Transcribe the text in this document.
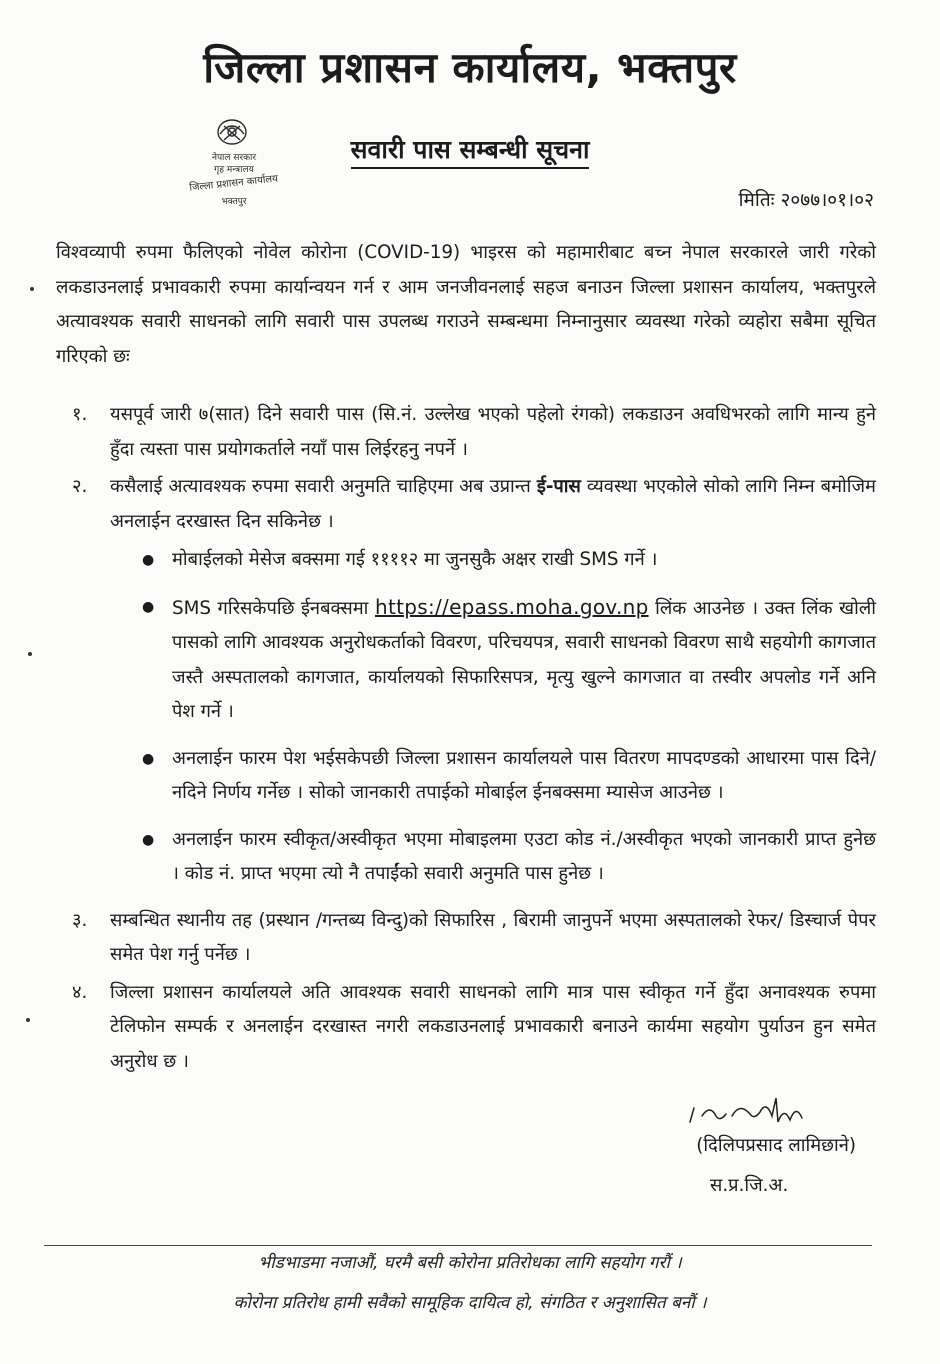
जिल्ला प्रशासन कार्यालय, भक्तपुर
नेपाल सरकार
गृह मन्त्रालय
जिल्ला प्रशासन कार्यालय
भक्तपुर
सवारी पास सम्बन्धी सूचना
मितिः २०७७।०१।०२

विश्वव्यापी रुपमा फैलिएको नोवेल कोरोना (COVID-19) भाइरस को महामारीबाट बच्न नेपाल सरकारले जारी गरेको लकडाउनलाई प्रभावकारी रुपमा कार्यान्वयन गर्न र आम जनजीवनलाई सहज बनाउन जिल्ला प्रशासन कार्यालय, भक्तपुरले अत्यावश्यक सवारी साधनको लागि सवारी पास उपलब्ध गराउने सम्बन्धमा निम्नानुसार व्यवस्था गरेको व्यहोरा सबैमा सूचित गरिएको छः

१.	यसपूर्व जारी ७(सात) दिने सवारी पास (सि.नं. उल्लेख भएको पहेलो रंगको) लकडाउन अवधिभरको लागि मान्य हुने हुँदा त्यस्ता पास प्रयोगकर्ताले नयाँ पास लिईरहनु नपर्ने ।
२.	कसैलाई अत्यावश्यक रुपमा सवारी अनुमति चाहिएमा अब उप्रान्त ई-पास व्यवस्था भएकोले सोको लागि निम्न बमोजिम अनलाईन दरखास्त दिन सकिनेछ ।
● मोबाईलको मेसेज बक्समा गई ११११२ मा जुनसुकै अक्षर राखी SMS गर्ने ।
● SMS गरिसकेपछि ईनबक्समा https://epass.moha.gov.np लिंक आउनेछ । उक्त लिंक खोली पासको लागि आवश्यक अनुरोधकर्ताको विवरण, परिचयपत्र, सवारी साधनको विवरण साथै सहयोगी कागजात जस्तै अस्पतालको कागजात, कार्यालयको सिफारिसपत्र, मृत्यु खुल्ने कागजात वा तस्वीर अपलोड गर्ने अनि पेश गर्ने ।
● अनलाईन फारम पेश भईसकेपछी जिल्ला प्रशासन कार्यालयले पास वितरण मापदण्डको आधारमा पास दिने/नदिने निर्णय गर्नेछ । सोको जानकारी तपाईको मोबाईल ईनबक्समा म्यासेज आउनेछ ।
● अनलाईन फारम स्वीकृत/अस्वीकृत भएमा मोबाइलमा एउटा कोड नं./अस्वीकृत भएको जानकारी प्राप्त हुनेछ । कोड नं. प्राप्त भएमा त्यो नै तपाईंको सवारी अनुमति पास हुनेछ ।
३.	सम्बन्धित स्थानीय तह (प्रस्थान /गन्तब्य विन्दु)को सिफारिस , बिरामी जानुपर्ने भएमा अस्पतालको रेफर/ डिस्चार्ज पेपर समेत पेश गर्नु पर्नेछ ।
४.	जिल्ला प्रशासन कार्यालयले अति आवश्यक सवारी साधनको लागि मात्र पास स्वीकृत गर्ने हुँदा अनावश्यक रुपमा टेलिफोन सम्पर्क र अनलाईन दरखास्त नगरी लकडाउनलाई प्रभावकारी बनाउने कार्यमा सहयोग पुर्याउन हुन समेत अनुरोध छ ।
(दिलिपप्रसाद लामिछाने)
स.प्र.जि.अ.
भीडभाडमा नजाऔं, घरमै बसी कोरोना प्रतिरोधका लागि सहयोग गरौं ।
कोरोना प्रतिरोध हामी सवैको सामूहिक दायित्व हो, संगठित र अनुशासित बनौं ।
